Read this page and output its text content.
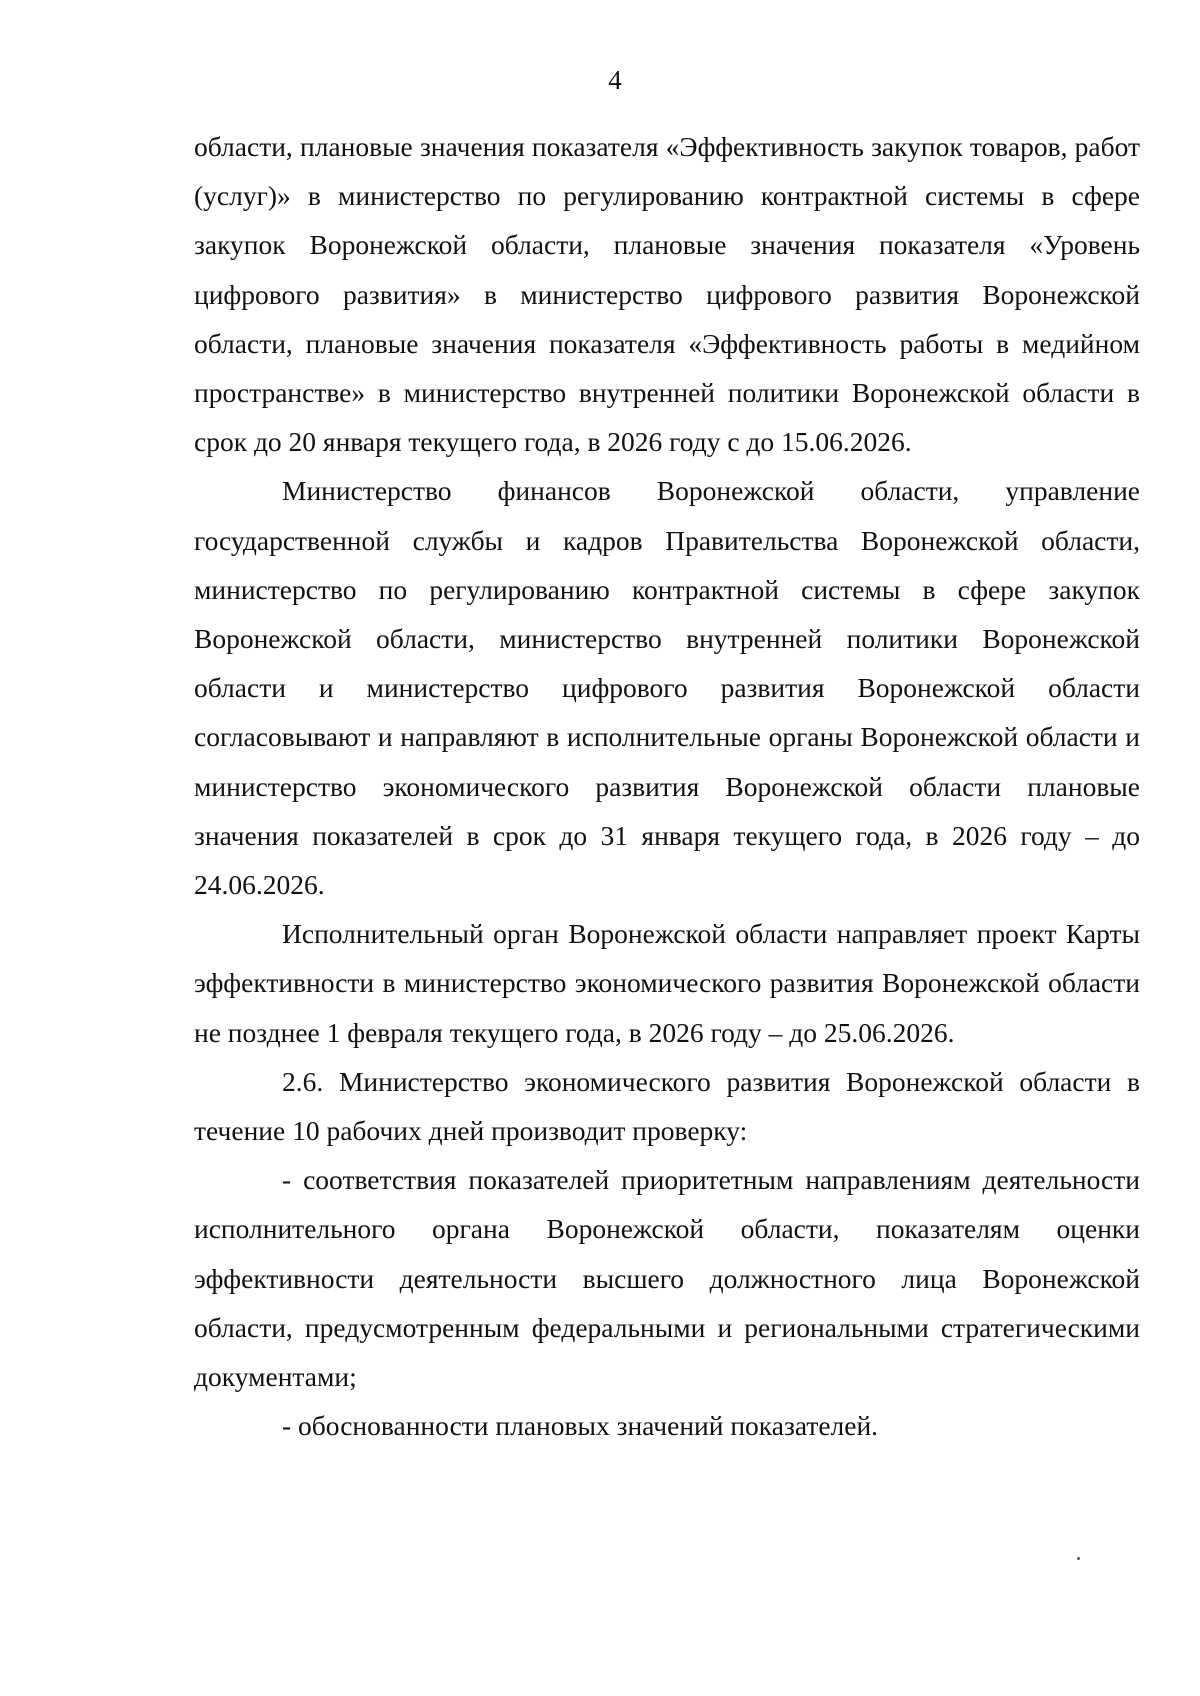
4

области, плановые значения показателя «Эффективность закупок товаров, работ (услуг)» в министерство по регулированию контрактной системы в сфере закупок Воронежской области, плановые значения показателя «Уровень цифрового развития» в министерство цифрового развития Воронежской области, плановые значения показателя «Эффективность работы в медийном пространстве» в министерство внутренней политики Воронежской области в срок до 20 января текущего года, в 2026 году с до 15.06.2026.

Министерство финансов Воронежской области, управление государственной службы и кадров Правительства Воронежской области, министерство по регулированию контрактной системы в сфере закупок Воронежской области, министерство внутренней политики Воронежской области и министерство цифрового развития Воронежской области согласовывают и направляют в исполнительные органы Воронежской области и министерство экономического развития Воронежской области плановые значения показателей в срок до 31 января текущего года, в 2026 году – до 24.06.2026.

Исполнительный орган Воронежской области направляет проект Карты эффективности в министерство экономического развития Воронежской области не позднее 1 февраля текущего года, в 2026 году – до 25.06.2026.

2.6. Министерство экономического развития Воронежской области в течение 10 рабочих дней производит проверку:

- соответствия показателей приоритетным направлениям деятельности исполнительного органа Воронежской области, показателям оценки эффективности деятельности высшего должностного лица Воронежской области, предусмотренным федеральными и региональными стратегическими документами;

- обоснованности плановых значений показателей.
